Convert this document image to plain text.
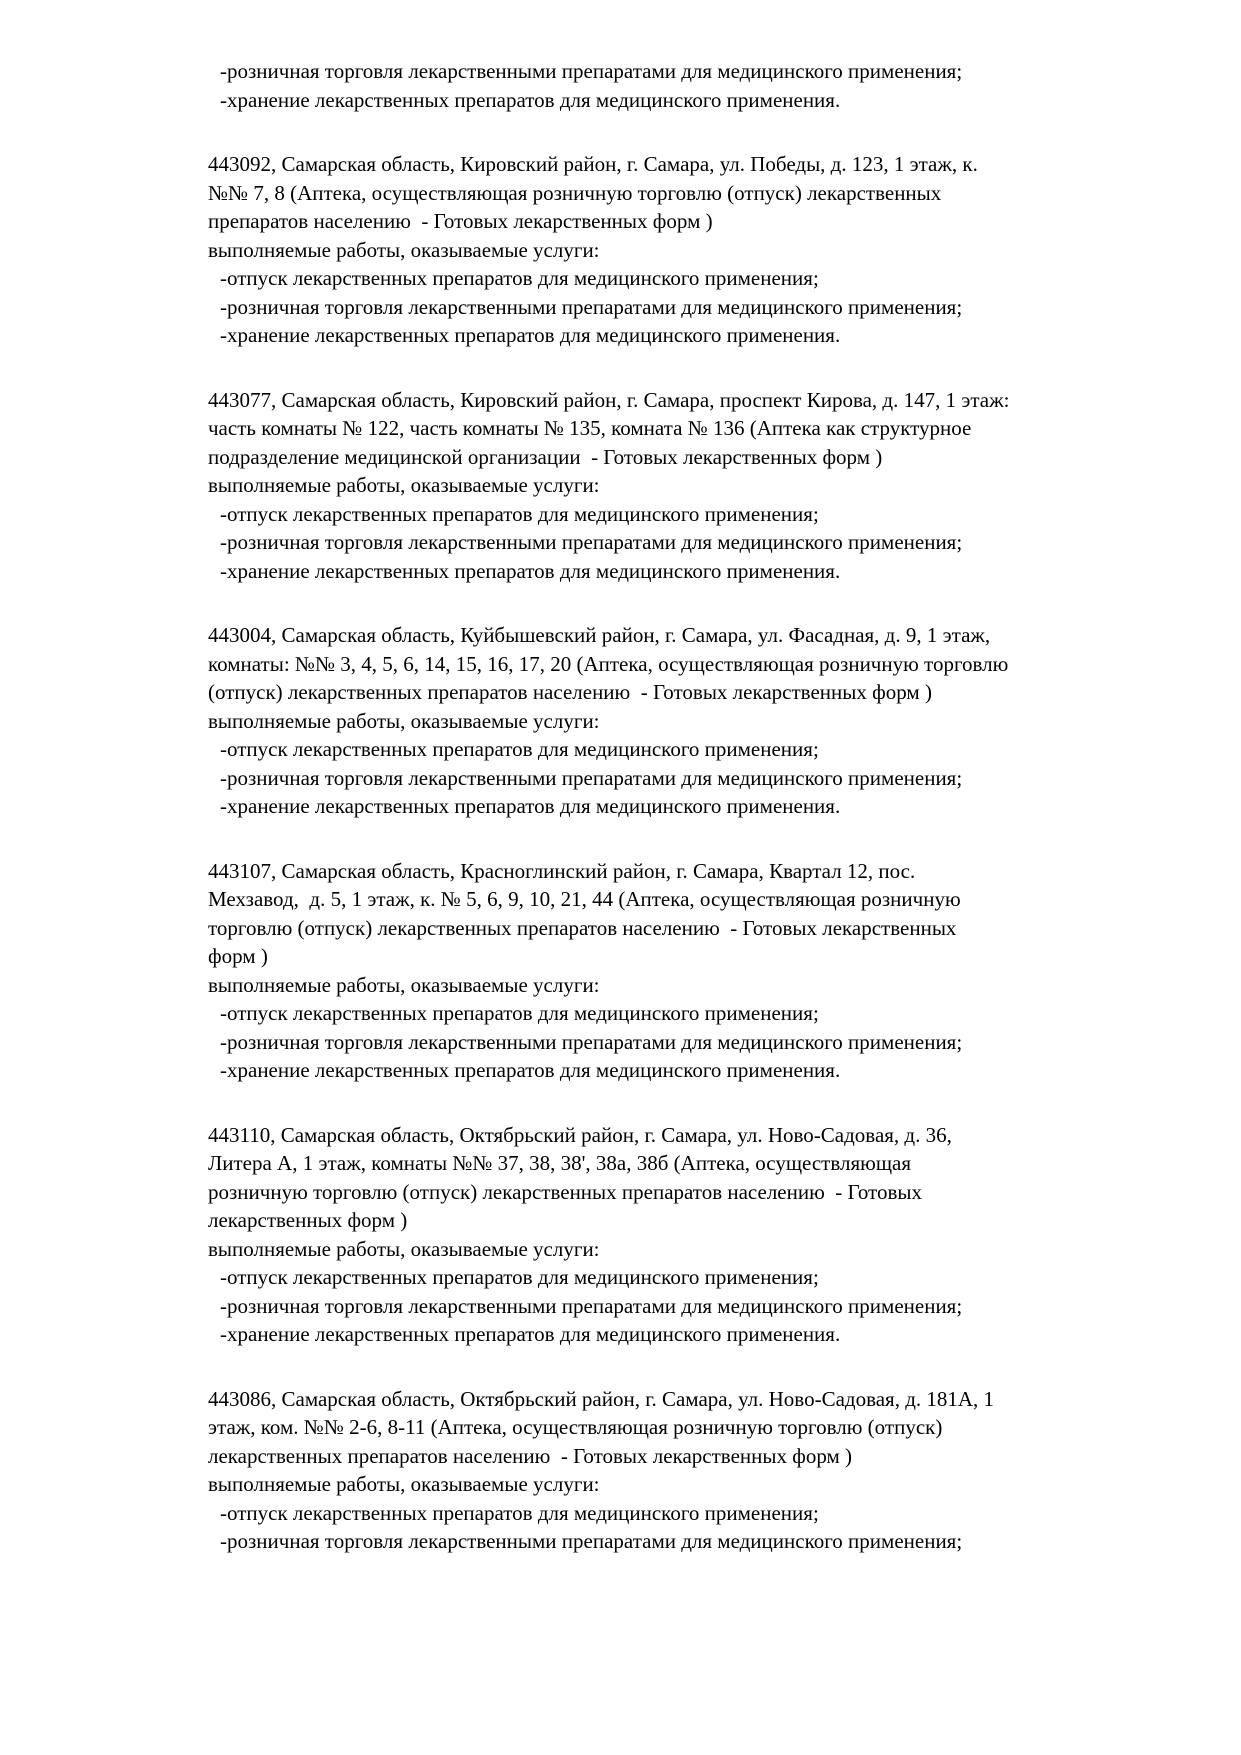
-розничная торговля лекарственными препаратами для медицинского применения;
-хранение лекарственных препаратов для медицинского применения.
443092, Самарская область, Кировский район, г. Самара, ул. Победы, д. 123, 1 этаж, к.
№№ 7, 8 (Аптека, осуществляющая розничную торговлю (отпуск) лекарственных
препаратов населению  - Готовых лекарственных форм )
выполняемые работы, оказываемые услуги:
-отпуск лекарственных препаратов для медицинского применения;
-розничная торговля лекарственными препаратами для медицинского применения;
-хранение лекарственных препаратов для медицинского применения.
443077, Самарская область, Кировский район, г. Самара, проспект Кирова, д. 147, 1 этаж:
часть комнаты № 122, часть комнаты № 135, комната № 136 (Аптека как структурное
подразделение медицинской организации  - Готовых лекарственных форм )
выполняемые работы, оказываемые услуги:
-отпуск лекарственных препаратов для медицинского применения;
-розничная торговля лекарственными препаратами для медицинского применения;
-хранение лекарственных препаратов для медицинского применения.
443004, Самарская область, Куйбышевский район, г. Самара, ул. Фасадная, д. 9, 1 этаж,
комнаты: №№ 3, 4, 5, 6, 14, 15, 16, 17, 20 (Аптека, осуществляющая розничную торговлю
(отпуск) лекарственных препаратов населению  - Готовых лекарственных форм )
выполняемые работы, оказываемые услуги:
-отпуск лекарственных препаратов для медицинского применения;
-розничная торговля лекарственными препаратами для медицинского применения;
-хранение лекарственных препаратов для медицинского применения.
443107, Самарская область, Красноглинский район, г. Самара, Квартал 12, пос.
Мехзавод,  д. 5, 1 этаж, к. № 5, 6, 9, 10, 21, 44 (Аптека, осуществляющая розничную
торговлю (отпуск) лекарственных препаратов населению  - Готовых лекарственных
форм )
выполняемые работы, оказываемые услуги:
-отпуск лекарственных препаратов для медицинского применения;
-розничная торговля лекарственными препаратами для медицинского применения;
-хранение лекарственных препаратов для медицинского применения.
443110, Самарская область, Октябрьский район, г. Самара, ул. Ново-Садовая, д. 36,
Литера А, 1 этаж, комнаты №№ 37, 38, 38', 38а, 38б (Аптека, осуществляющая
розничную торговлю (отпуск) лекарственных препаратов населению  - Готовых
лекарственных форм )
выполняемые работы, оказываемые услуги:
-отпуск лекарственных препаратов для медицинского применения;
-розничная торговля лекарственными препаратами для медицинского применения;
-хранение лекарственных препаратов для медицинского применения.
443086, Самарская область, Октябрьский район, г. Самара, ул. Ново-Садовая, д. 181А, 1
этаж, ком. №№ 2-6, 8-11 (Аптека, осуществляющая розничную торговлю (отпуск)
лекарственных препаратов населению  - Готовых лекарственных форм )
выполняемые работы, оказываемые услуги:
-отпуск лекарственных препаратов для медицинского применения;
-розничная торговля лекарственными препаратами для медицинского применения;
